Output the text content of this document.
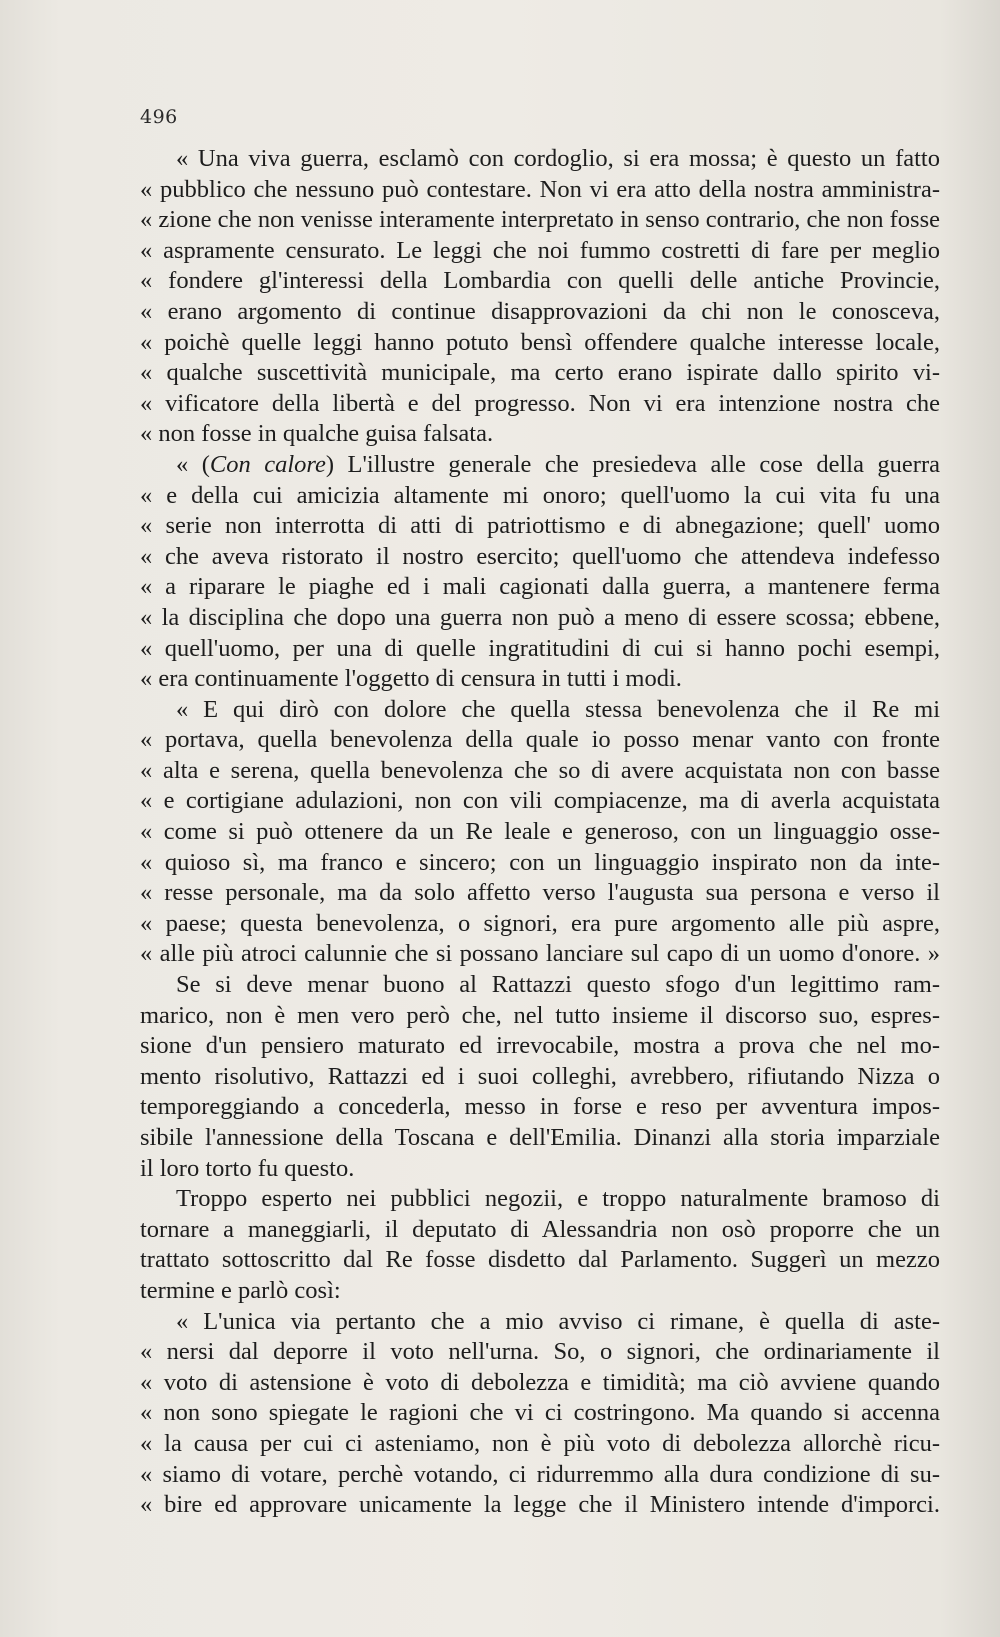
496
« Una viva guerra, esclamò con cordoglio, si era mossa; è questo un fatto
« pubblico che nessuno può contestare. Non vi era atto della nostra amministra-
« zione che non venisse interamente interpretato in senso contrario, che non fosse
« aspramente censurato. Le leggi che noi fummo costretti di fare per meglio
« fondere gl'interessi della Lombardia con quelli delle antiche Provincie,
« erano argomento di continue disapprovazioni da chi non le conosceva,
« poichè quelle leggi hanno potuto bensì offendere qualche interesse locale,
« qualche suscettività municipale, ma certo erano ispirate dallo spirito vi-
« vificatore della libertà e del progresso. Non vi era intenzione nostra che
« non fosse in qualche guisa falsata.
« (Con calore) L'illustre generale che presiedeva alle cose della guerra
« e della cui amicizia altamente mi onoro; quell'uomo la cui vita fu una
« serie non interrotta di atti di patriottismo e di abnegazione; quell' uomo
« che aveva ristorato il nostro esercito; quell'uomo che attendeva indefesso
« a riparare le piaghe ed i mali cagionati dalla guerra, a mantenere ferma
« la disciplina che dopo una guerra non può a meno di essere scossa; ebbene,
« quell'uomo, per una di quelle ingratitudini di cui si hanno pochi esempi,
« era continuamente l'oggetto di censura in tutti i modi.
« E qui dirò con dolore che quella stessa benevolenza che il Re mi
« portava, quella benevolenza della quale io posso menar vanto con fronte
« alta e serena, quella benevolenza che so di avere acquistata non con basse
« e cortigiane adulazioni, non con vili compiacenze, ma di averla acquistata
« come si può ottenere da un Re leale e generoso, con un linguaggio osse-
« quioso sì, ma franco e sincero; con un linguaggio inspirato non da inte-
« resse personale, ma da solo affetto verso l'augusta sua persona e verso il
« paese; questa benevolenza, o signori, era pure argomento alle più aspre,
« alle più atroci calunnie che si possano lanciare sul capo di un uomo d'onore. »
Se si deve menar buono al Rattazzi questo sfogo d'un legittimo ram-
marico, non è men vero però che, nel tutto insieme il discorso suo, espres-
sione d'un pensiero maturato ed irrevocabile, mostra a prova che nel mo-
mento risolutivo, Rattazzi ed i suoi colleghi, avrebbero, rifiutando Nizza o
temporeggiando a concederla, messo in forse e reso per avventura impos-
sibile l'annessione della Toscana e dell'Emilia. Dinanzi alla storia imparziale
il loro torto fu questo.
Troppo esperto nei pubblici negozii, e troppo naturalmente bramoso di
tornare a maneggiarli, il deputato di Alessandria non osò proporre che un
trattato sottoscritto dal Re fosse disdetto dal Parlamento. Suggerì un mezzo
termine e parlò così:
« L'unica via pertanto che a mio avviso ci rimane, è quella di aste-
« nersi dal deporre il voto nell'urna. So, o signori, che ordinariamente il
« voto di astensione è voto di debolezza e timidità; ma ciò avviene quando
« non sono spiegate le ragioni che vi ci costringono. Ma quando si accenna
« la causa per cui ci asteniamo, non è più voto di debolezza allorchè ricu-
« siamo di votare, perchè votando, ci ridurremmo alla dura condizione di su-
« bire ed approvare unicamente la legge che il Ministero intende d'imporci.
